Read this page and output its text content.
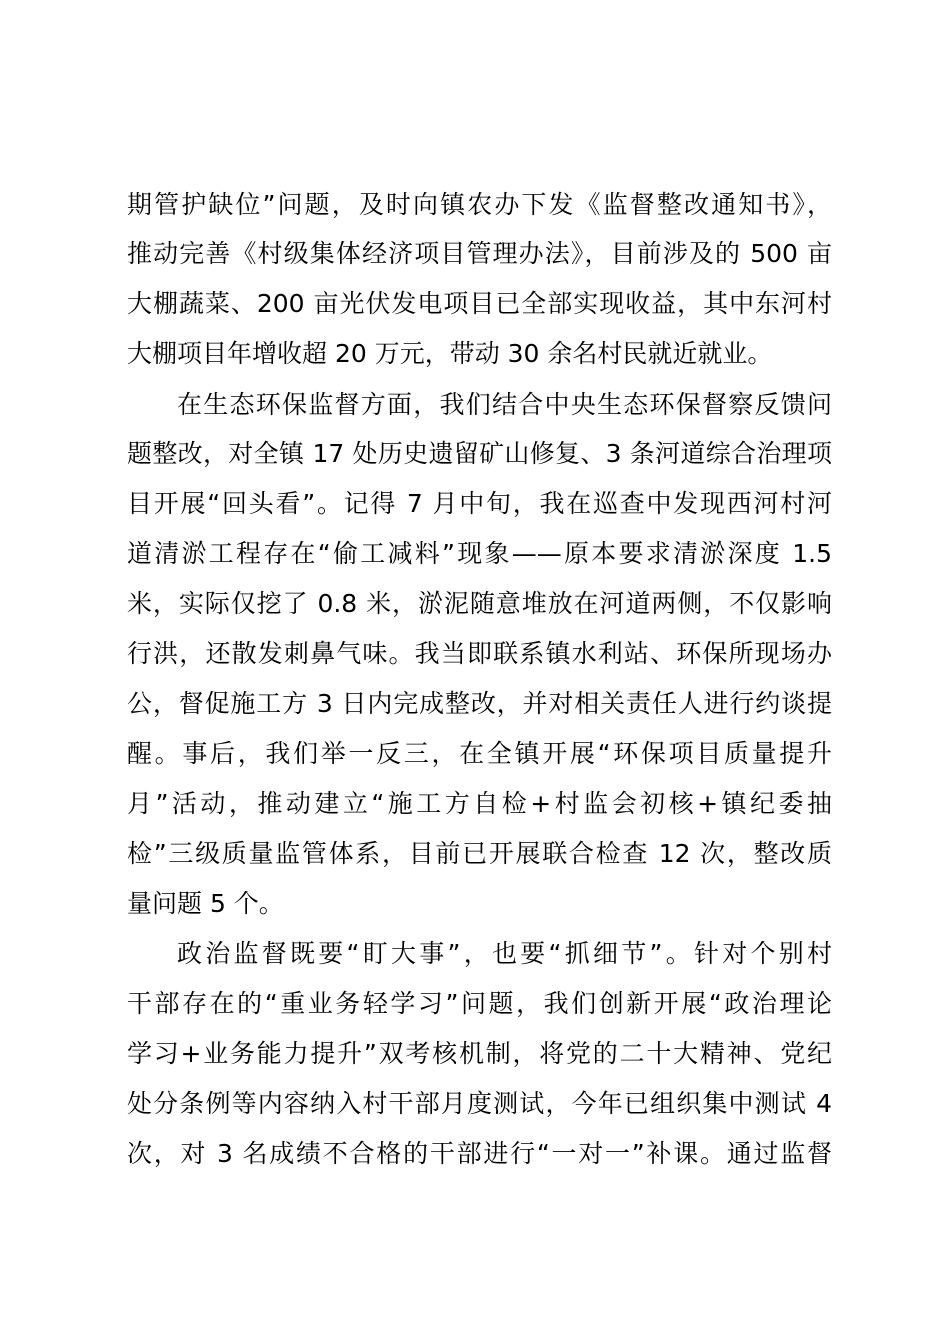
期管护缺位”问题，及时向镇农办下发《监督整改通知书》，
推动完善《村级集体经济项目管理办法》，目前涉及的 500 亩
大棚蔬菜、200 亩光伏发电项目已全部实现收益，其中东河村
大棚项目年增收超 20 万元，带动 30 余名村民就近就业。
在生态环保监督方面，我们结合中央生态环保督察反馈问
题整改，对全镇 17 处历史遗留矿山修复、3 条河道综合治理项
目开展“回头看”。记得 7 月中旬，我在巡查中发现西河村河
道清淤工程存在“偷工减料”现象——原本要求清淤深度 1.5
米，实际仅挖了 0.8 米，淤泥随意堆放在河道两侧，不仅影响
行洪，还散发刺鼻气味。我当即联系镇水利站、环保所现场办
公，督促施工方 3 日内完成整改，并对相关责任人进行约谈提
醒。事后，我们举一反三，在全镇开展“环保项目质量提升
月”活动，推动建立“施工方自检+村监会初核+镇纪委抽
检”三级质量监管体系，目前已开展联合检查 12 次，整改质
量问题 5 个。
政治监督既要“盯大事”，也要“抓细节”。针对个别村
干部存在的“重业务轻学习”问题，我们创新开展“政治理论
学习+业务能力提升”双考核机制，将党的二十大精神、党纪
处分条例等内容纳入村干部月度测试，今年已组织集中测试 4
次，对 3 名成绩不合格的干部进行“一对一”补课。通过监督
